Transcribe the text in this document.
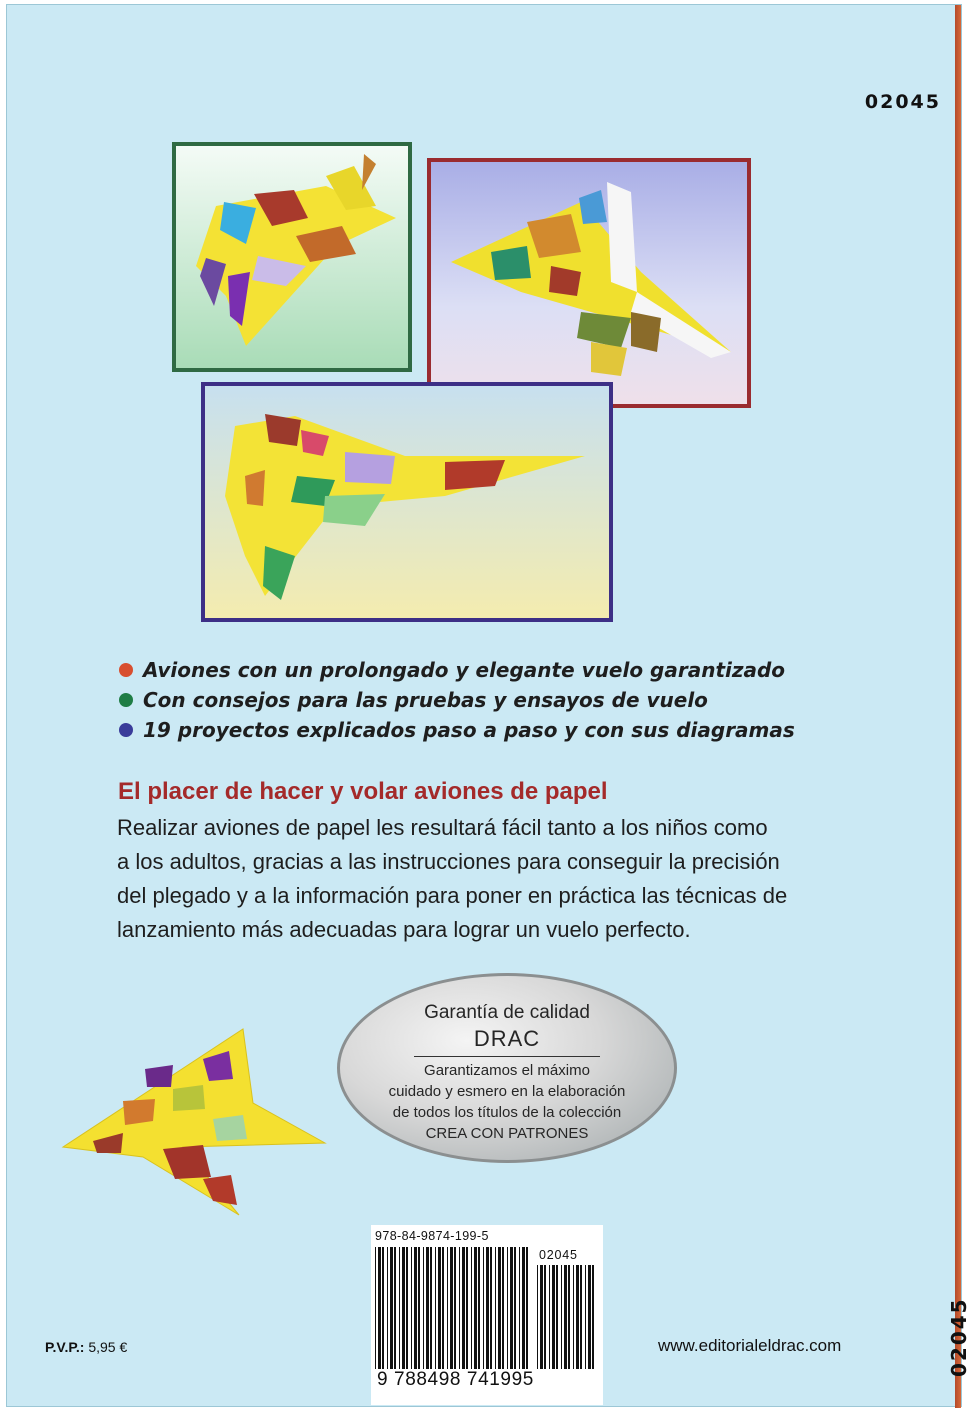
02045
Aviones con un prolongado y elegante vuelo garantizado
Con consejos para las pruebas y ensayos de vuelo
19 proyectos explicados paso a paso y con sus diagramas
El placer de hacer y volar aviones de papel
Realizar aviones de papel les resultará fácil tanto a los niños como
a los adultos, gracias a las instrucciones para conseguir la precisión
del plegado y a la información para poner en práctica las técnicas de
lanzamiento más adecuadas para lograr un vuelo perfecto.
Garantía de calidad
DRAC
Garantizamos el máximo
cuidado y esmero en la elaboración
de todos los títulos de la colección
CREA CON PATRONES
978-84-9874-199-5
02045
9 788498 741995
P.V.P.: 5,95 €	www.editorialeldrac.com	02045
